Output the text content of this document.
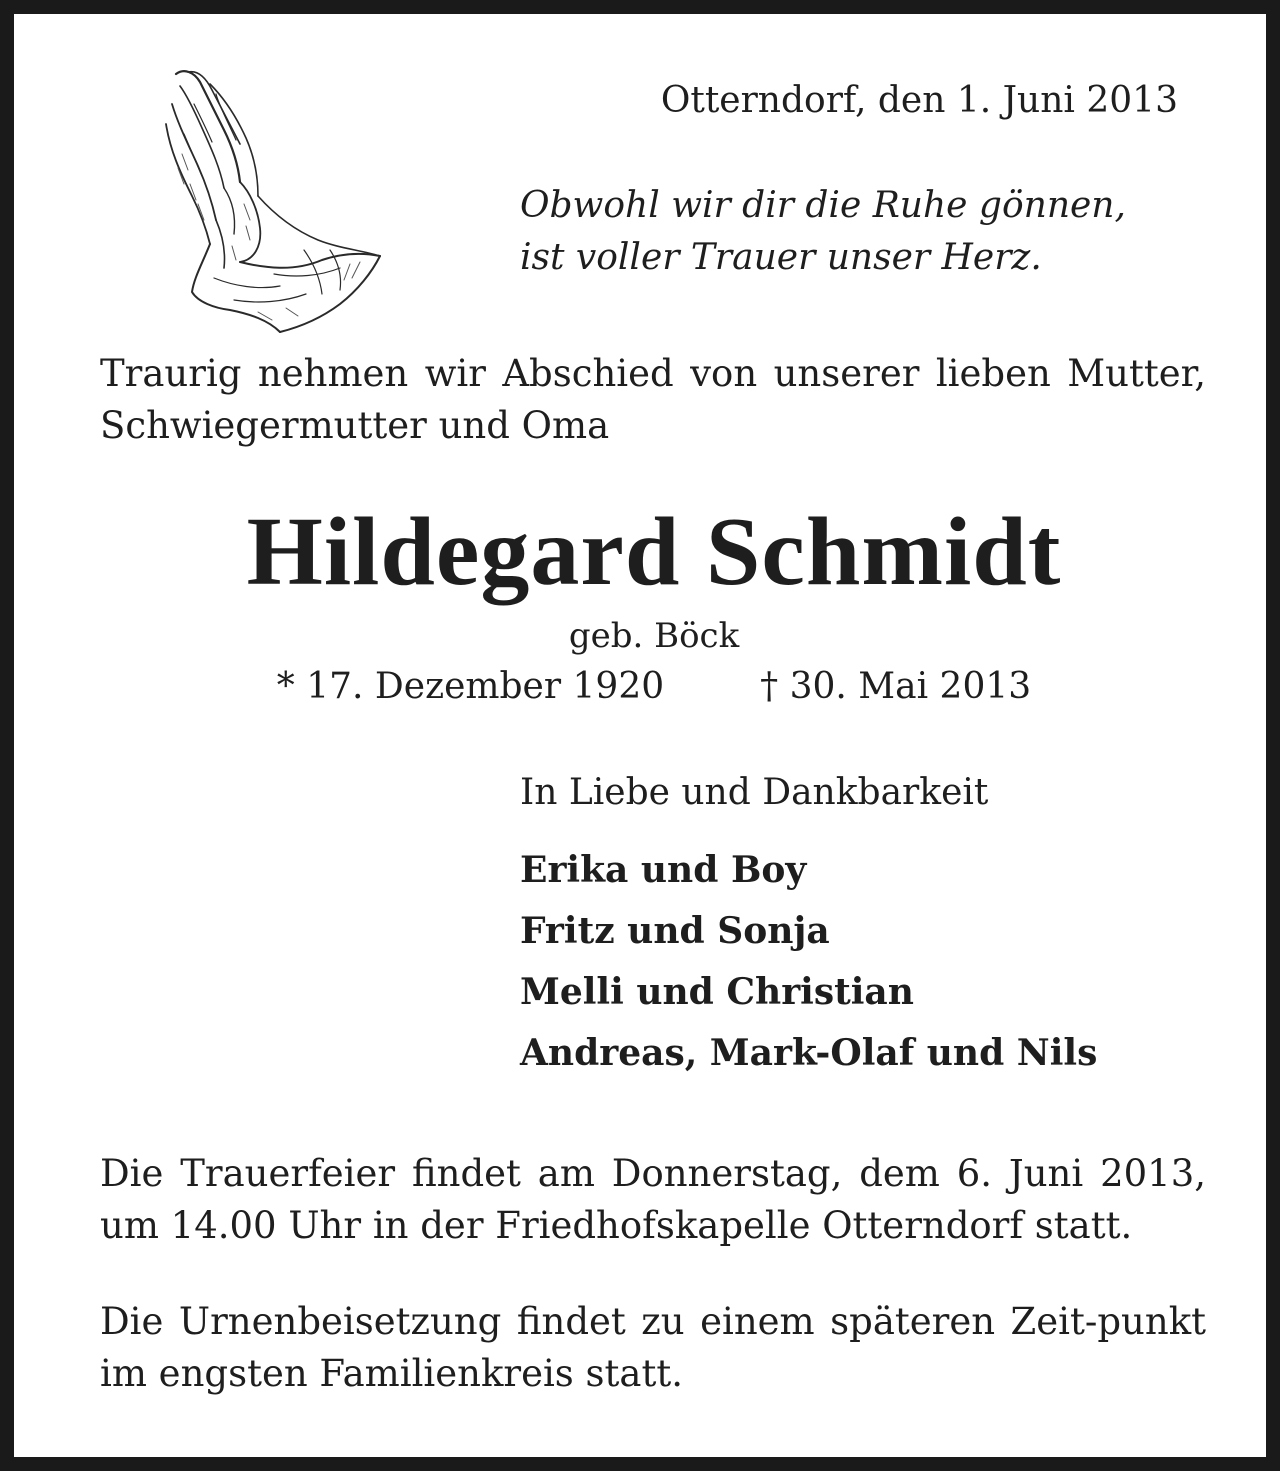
Otterndorf, den 1. Juni 2013

Obwohl wir dir die Ruhe gönnen,
ist voller Trauer unser Herz.

Traurig nehmen wir Abschied von unserer lieben Mutter, Schwiegermutter und Oma

Hildegard Schmidt

geb. Böck

* 17. Dezember 1920	† 30. Mai 2013

In Liebe und Dankbarkeit

Erika und Boy
Fritz und Sonja
Melli und Christian
Andreas, Mark-Olaf und Nils

Die Trauerfeier findet am Donnerstag, dem 6. Juni 2013, um 14.00 Uhr in der Friedhofskapelle Otterndorf statt.

Die Urnenbeisetzung findet zu einem späteren Zeit-punkt im engsten Familienkreis statt.
